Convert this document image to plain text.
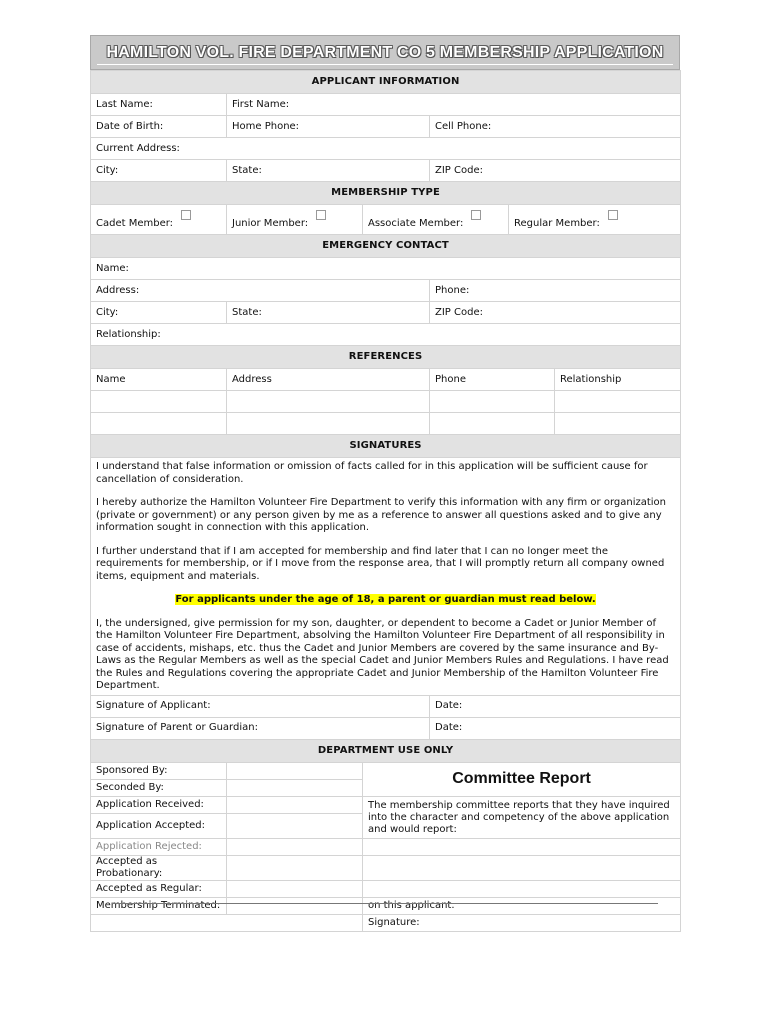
HAMILTON VOL. FIRE DEPARTMENT CO 5 MEMBERSHIP APPLICATION
APPLICANT INFORMATION					
Last Name:	First Name:				
Date of Birth:	Home Phone:		Cell Phone:		
Current Address:					
City:	State:		ZIP Code:		
MEMBERSHIP TYPE					
Cadet Member:	Junior Member:	Associate Member:		Regular Member:	
EMERGENCY CONTACT					
Name:					
Address:			Phone:		
City:	State:		ZIP Code:		
Relationship:					
REFERENCES					
Name	Address		Phone		Relationship

SIGNATURES					

I understand that false information or omission of facts called for in this application will be sufficient cause for cancellation of consideration.

I hereby authorize the Hamilton Volunteer Fire Department to verify this information with any firm or organization (private or government) or any person given by me as a reference to answer all questions asked and to give any information sought in connection with this application.

I further understand that if I am accepted for membership and find later that I can no longer meet the requirements for membership, or if I move from the response area, that I will promptly return all company owned items, equipment and materials.

For applicants under the age of 18, a parent or guardian must read below.

I, the undersigned, give permission for my son, daughter, or dependent to become a Cadet or Junior Member of the Hamilton Volunteer Fire Department, absolving the Hamilton Volunteer Fire Department of all responsibility in case of accidents, mishaps, etc. thus the Cadet and Junior Members are covered by the same insurance and By-Laws as the Regular Members as well as the special Cadet and Junior Members Rules and Regulations. I have read the Rules and Regulations covering the appropriate Cadet and Junior Membership of the Hamilton Volunteer Fire Department.					

Signature of Applicant:			Date:		
Signature of Parent or Guardian:			Date:		
DEPARTMENT USE ONLY					
Sponsored By:		Committee Report			
Seconded By:					
Application Received:		The membership committee reports that they have inquired into the character and competency of the above application and would report:			
Application Accepted:					
Application Rejected:					
Accepted as Probationary:					
Accepted as Regular:					
Membership Terminated:		on this applicant.			
		Signature:			
